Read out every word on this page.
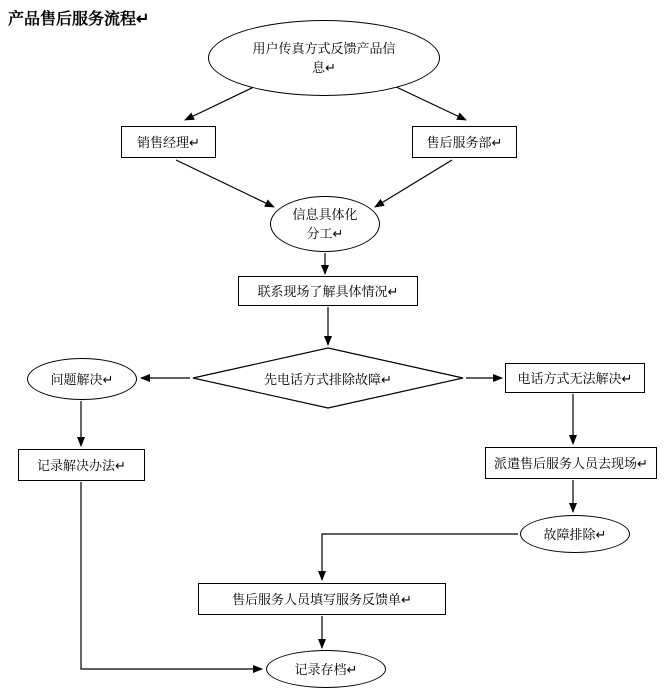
产品售后服务流程↵
用户传真方式反馈产品信息↵
销售经理↵	售后服务部↵
信息具体化分工↵
联系现场了解具体情况↵
先电话方式排除故障↵
问题解决↵	电话方式无法解决↵
记录解决办法↵	派遣售后服务人员去现场↵
故障排除↵
售后服务人员填写服务反馈单↵
记录存档↵
